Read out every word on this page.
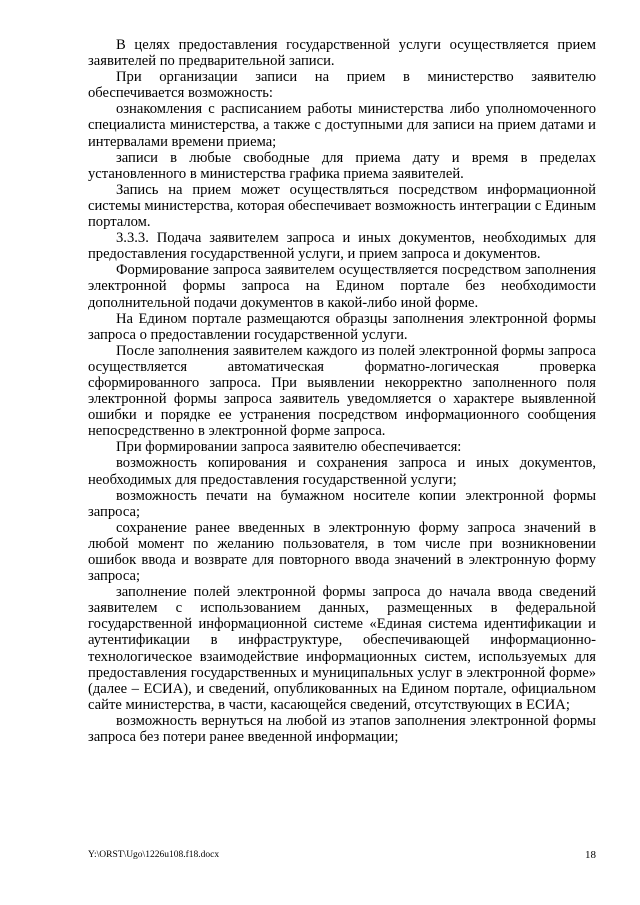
В целях предоставления государственной услуги осуществляется прием заявителей по предварительной записи.

При организации записи на прием в министерство заявителю обеспечивается возможность:

ознакомления с расписанием работы министерства либо уполномоченного специалиста министерства, а также с доступными для записи на прием датами и интервалами времени приема;

записи в любые свободные для приема дату и время в пределах установленного в министерства графика приема заявителей.

Запись на прием может осуществляться посредством информационной системы министерства, которая обеспечивает возможность интеграции с Единым порталом.

3.3.3. Подача заявителем запроса и иных документов, необходимых для предоставления государственной услуги, и прием запроса и документов.

Формирование запроса заявителем осуществляется посредством заполнения электронной формы запроса на Едином портале без необходимости дополнительной подачи документов в какой-либо иной форме.

На Едином портале размещаются образцы заполнения электронной формы запроса о предоставлении государственной услуги.

После заполнения заявителем каждого из полей электронной формы запроса осуществляется автоматическая форматно-логическая проверка сформированного запроса. При выявлении некорректно заполненного поля электронной формы запроса заявитель уведомляется о характере выявленной ошибки и порядке ее устранения посредством информационного сообщения непосредственно в электронной форме запроса.

При формировании запроса заявителю обеспечивается:

возможность копирования и сохранения запроса и иных документов, необходимых для предоставления государственной услуги;

возможность печати на бумажном носителе копии электронной формы запроса;

сохранение ранее введенных в электронную форму запроса значений в любой момент по желанию пользователя, в том числе при возникновении ошибок ввода и возврате для повторного ввода значений в электронную форму запроса;

заполнение полей электронной формы запроса до начала ввода сведений заявителем с использованием данных, размещенных в федеральной государственной информационной системе «Единая система идентификации и аутентификации в инфраструктуре, обеспечивающей информационно-технологическое взаимодействие информационных систем, используемых для предоставления государственных и муниципальных услуг в электронной форме» (далее – ЕСИА), и сведений, опубликованных на Едином портале, официальном сайте министерства, в части, касающейся сведений, отсутствующих в ЕСИА;

возможность вернуться на любой из этапов заполнения электронной формы запроса без потери ранее введенной информации;

Y:\ORST\Ugo\1226u108.f18.docx	18
